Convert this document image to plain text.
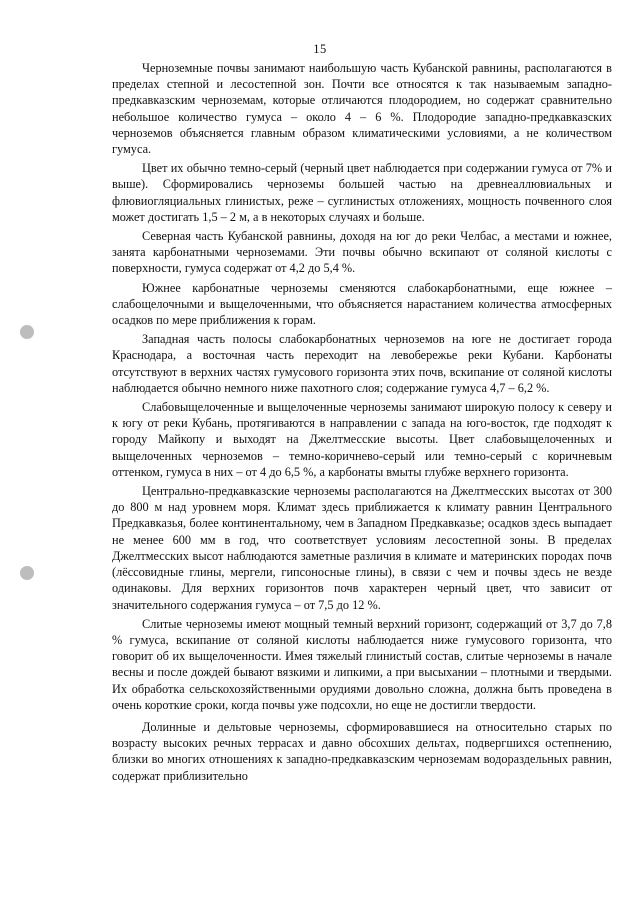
15

Черноземные почвы занимают наибольшую часть Кубанской равнины, располагаются в пределах степной и лесостепной зон. Почти все относятся к так называемым западно-предкавказским черноземам, которые отличаются плодородием, но содержат сравнительно небольшое количество гумуса – около 4 – 6 %. Плодородие западно-предкавказских черноземов объясняется главным образом климатическими условиями, а не количеством гумуса.

Цвет их обычно темно-серый (черный цвет наблюдается при содержании гумуса от 7% и выше). Сформировались черноземы большей частью на древнеаллювиальных и флювиогляциальных глинистых, реже – суглинистых отложениях, мощность почвенного слоя может достигать 1,5 – 2 м, а в некоторых случаях и больше.

Северная часть Кубанской равнины, доходя на юг до реки Челбас, а местами и южнее, занята карбонатными черноземами. Эти почвы обычно вскипают от соляной кислоты с поверхности, гумуса содержат от 4,2 до 5,4 %.

Южнее карбонатные черноземы сменяются слабокарбонатными, еще южнее – слабощелочными и выщелоченными, что объясняется нарастанием количества атмосферных осадков по мере приближения к горам.

Западная часть полосы слабокарбонатных черноземов на юге не достигает города Краснодара, а восточная часть переходит на левобережье реки Кубани. Карбонаты отсутствуют в верхних частях гумусового горизонта этих почв, вскипание от соляной кислоты наблюдается обычно немного ниже пахотного слоя; содержание гумуса 4,7 – 6,2 %.

Слабовыщелоченные и выщелоченные черноземы занимают широкую полосу к северу и к югу от реки Кубань, протягиваются в направлении с запада на юго-восток, где подходят к городу Майкопу и выходят на Джелтмесские высоты. Цвет слабовыщелоченных и выщелоченных черноземов – темно-коричнево-серый или темно-серый с коричневым оттенком, гумуса в них – от 4 до 6,5 %, а карбонаты вмыты глубже верхнего горизонта.

Центрально-предкавказские черноземы располагаются на Джелтмесских высотах от 300 до 800 м над уровнем моря. Климат здесь приближается к климату равнин Центрального Предкавказья, более континентальному, чем в Западном Предкавказье; осадков здесь выпадает не менее 600 мм в год, что соответствует условиям лесостепной зоны. В пределах Джелтмесских высот наблюдаются заметные различия в климате и материнских породах почв (лёссовидные глины, мергели, гипсоносные глины), в связи с чем и почвы здесь не везде одинаковы. Для верхних горизонтов почв характерен черный цвет, что зависит от значительного содержания гумуса – от 7,5 до 12 %.

Слитые черноземы имеют мощный темный верхний горизонт, содержащий от 3,7 до 7,8 % гумуса, вскипание от соляной кислоты наблюдается ниже гумусового горизонта, что говорит об их выщелоченности. Имея тяжелый глинистый состав, слитые черноземы в начале весны и после дождей бывают вязкими и липкими, а при высыхании – плотными и твердыми. Их обработка сельскохозяйственными орудиями довольно сложна, должна быть проведена в очень короткие сроки, когда почвы уже подсохли, но еще не достигли твердости.

Долинные и дельтовые черноземы, сформировавшиеся на относительно старых по возрасту высоких речных террасах и давно обсохших дельтах, подвергшихся остепнению, близки во многих отношениях к западно-предкавказским черноземам водораздельных равнин, содержат приблизительно
